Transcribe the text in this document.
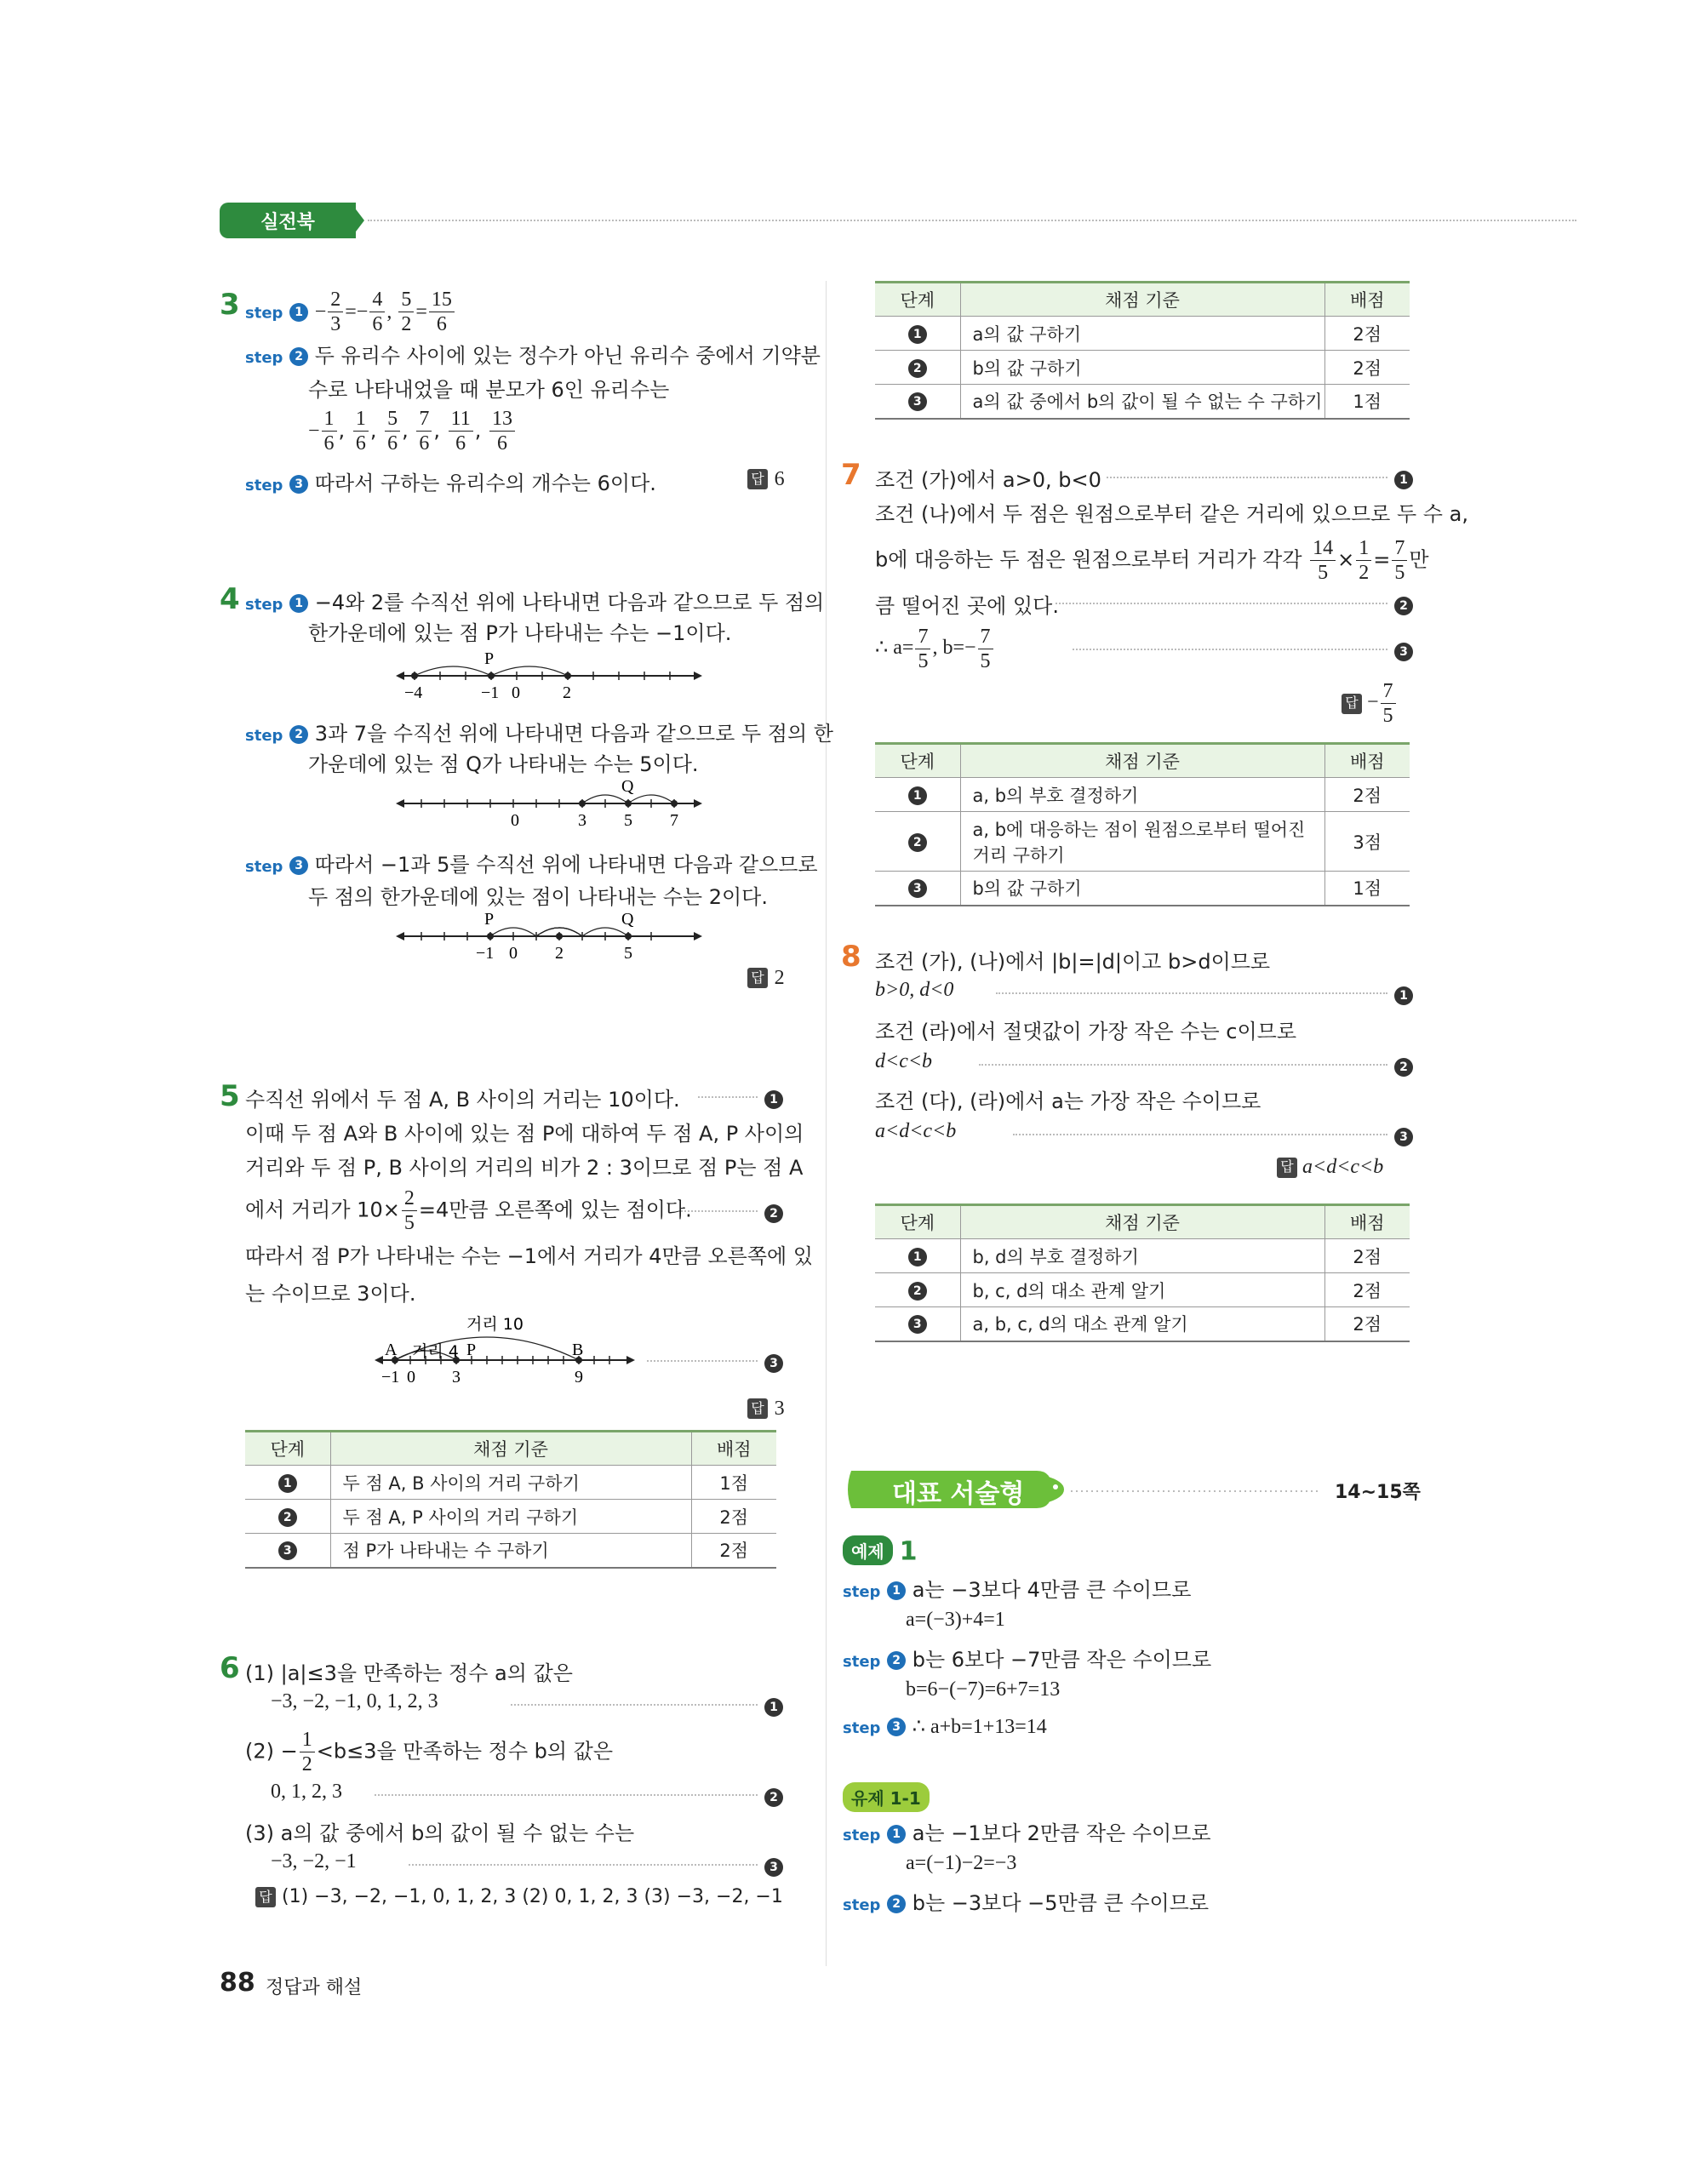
실전북
3 step $1 - \frac{2}{3} =- \frac{4}{6}$ , $\frac{5}{2} = \frac{15}{6}$
step 2 두 유리수 사이에 있는 정수가 아닌 유리수 중에서 기약분
수로 나타내었을 때 분모가 6인 유리수는
− $\frac{1}{6}$ , $\frac{1}{6}$ , $\frac{5}{6}$ , $\frac{7}{6}$ , $\frac{11}{6}$ , $\frac{13}{6}$
step 3 따라서 구하는 유리수의 개수는 6이다.	답 6
4 step 1 −4와 2를 수직선 위에 나타내면 다음과 같으므로 두 점의
한가운데에 있는 점 P가 나타내는 수는 −1이다.
P
−4	−1 0	2
step 2 3과 7을 수직선 위에 나타내면 다음과 같으므로 두 점의 한
가운데에 있는 점 Q가 나타내는 수는 5이다.
Q
0	3 5 7
step 3 따라서 −1과 5를 수직선 위에 나타내면 다음과 같으므로
두 점의 한가운데에 있는 점이 나타내는 수는 2이다.
P	Q
−1 0 2	5
답 2
5 수직선 위에서 두 점 A, B 사이의 거리는 10이다.	1
이때 두 점 A와 B 사이에 있는 점 P에 대하여 두 점 A, P 사이의
거리와 두 점 P, B 사이의 거리의 비가 2 : 3이므로 점 P는 점 A
에서 거리가 $10\times \frac{2}{5} =4$만큼 오른쪽에 있는 점이다.	2
따라서 점 P가 나타내는 수는 −1에서 거리가 4만큼 오른쪽에 있
는 수이므로 3이다.
거리 10
거리 4
A	P	B
−1 0 3	9
3
답 3
단계	채점 기준	배점
1	두 점 A, B 사이의 거리 구하기	1점
2	두 점 A, P 사이의 거리 구하기	2점
3	점 P가 나타내는 수 구하기	2점
6 (1) |a|≤3을 만족하는 정수 a의 값은
−3, −2, −1, 0, 1, 2, 3	1
$(2) - \frac{1}{2} <b\le 3$을 만족하는 정수 b의 값은
0, 1, 2, 3	2
(3) a의 값 중에서 b의 값이 될 수 없는 수는
−3, −2, −1	3
답 (1) −3, −2, −1, 0, 1, 2, 3 (2) 0, 1, 2, 3 (3) −3, −2, −1
단계	채점 기준	배점
1	a의 값 구하기	2점
2	b의 값 구하기	2점
3	a의 값 중에서 b의 값이 될 수 없는 수 구하기	1점
7 조건 (가)에서 a>0, b<0	1
조건 (나)에서 두 점은 원점으로부터 같은 거리에 있으므로 두 수 a,
b에 대응하는 두 점은 원점으로부터 거리가 각각 $\frac{14}{5} \times \frac{1}{2} = \frac{7}{5}$ 만
큼 떨어진 곳에 있다.	2
∴ $a= \frac{7}{5}$ , $b=- \frac{7}{5}$	3
답 − $\frac{7}{5}$
단계	채점 기준	배점
1	a, b의 부호 결정하기	2점
2	a, b에 대응하는 점이 원점으로부터 떨어진 거리 구하기	3점
3	b의 값 구하기	1점
8 조건 (가), (나)에서 |b|=|d|이고 b>d이므로
b>0, d<0	1
조건 (라)에서 절댓값이 가장 작은 수는 c이므로
d<c<b	2
조건 (다), (라)에서 a는 가장 작은 수이므로
a<d<c<b	3
답 a<d<c<b
단계	채점 기준	배점
1	b, d의 부호 결정하기	2점
2	b, c, d의 대소 관계 알기	2점
3	a, b, c, d의 대소 관계 알기	2점
대표 서술형	14~15쪽
예제 1
step 1 a는 −3보다 4만큼 큰 수이므로
a=(−3)+4=1
step 2 b는 6보다 −7만큼 작은 수이므로
b=6−(−7)=6+7=13
step 3 ∴ a+b=1+13=14
유제 1-1
step 1 a는 −1보다 2만큼 작은 수이므로
a=(−1)−2=−3
step 2 b는 −3보다 −5만큼 큰 수이므로
88 정답과 해설
